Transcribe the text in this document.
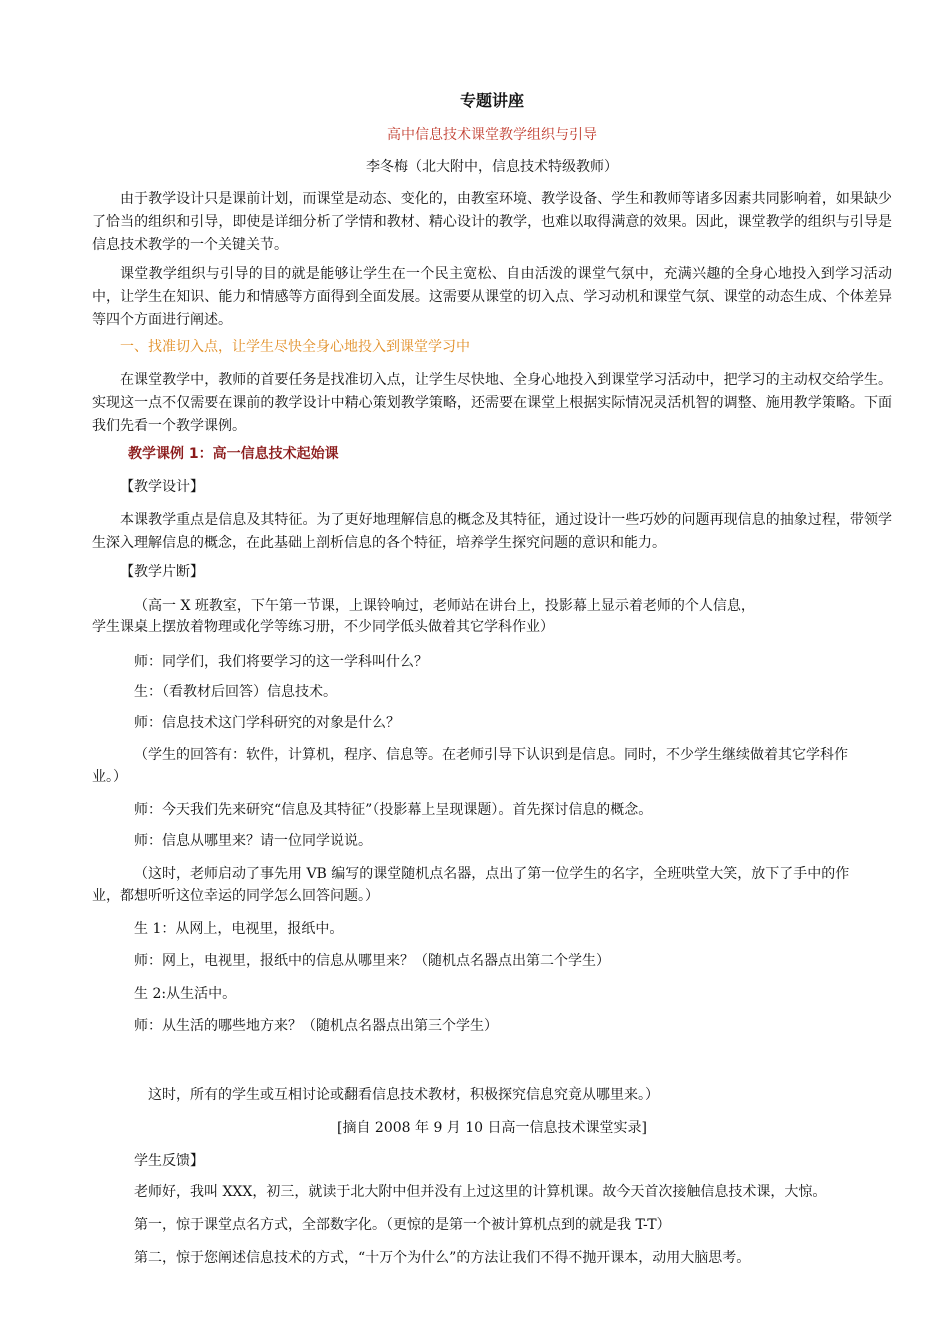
专题讲座
高中信息技术课堂教学组织与引导
李冬梅（北大附中，信息技术特级教师）
由于教学设计只是课前计划，而课堂是动态、变化的，由教室环境、教学设备、学生和教师等诸多因素共同影响着，如果缺少了恰当的组织和引导，即使是详细分析了学情和教材、精心设计的教学，也难以取得满意的效果。因此，课堂教学的组织与引导是信息技术教学的一个关键关节。
课堂教学组织与引导的目的就是能够让学生在一个民主宽松、自由活泼的课堂气氛中，充满兴趣的全身心地投入到学习活动中，让学生在知识、能力和情感等方面得到全面发展。这需要从课堂的切入点、学习动机和课堂气氛、课堂的动态生成、个体差异等四个方面进行阐述。
一、找准切入点，让学生尽快全身心地投入到课堂学习中
在课堂教学中，教师的首要任务是找准切入点，让学生尽快地、全身心地投入到课堂学习活动中，把学习的主动权交给学生。实现这一点不仅需要在课前的教学设计中精心策划教学策略，还需要在课堂上根据实际情况灵活机智的调整、施用教学策略。下面我们先看一个教学课例。
教学课例 1：高一信息技术起始课
【教学设计】
本课教学重点是信息及其特征。为了更好地理解信息的概念及其特征，通过设计一些巧妙的问题再现信息的抽象过程，带领学生深入理解信息的概念，在此基础上剖析信息的各个特征，培养学生探究问题的意识和能力。
【教学片断】
（高一 X 班教室，下午第一节课，上课铃响过，老师站在讲台上，投影幕上显示着老师的个人信息，
学生课桌上摆放着物理或化学等练习册，不少同学低头做着其它学科作业）
师：同学们，我们将要学习的这一学科叫什么？
生：（看教材后回答）信息技术。
师：信息技术这门学科研究的对象是什么？
（学生的回答有：软件，计算机，程序、信息等。在老师引导下认识到是信息。同时，不少学生继续做着其它学科作
业。）
师：今天我们先来研究“信息及其特征”（投影幕上呈现课题）。首先探讨信息的概念。
师：信息从哪里来？请一位同学说说。
（这时，老师启动了事先用 VB 编写的课堂随机点名器，点出了第一位学生的名字，全班哄堂大笑，放下了手中的作
业，都想听听这位幸运的同学怎么回答问题。）
生 1：从网上，电视里，报纸中。
师：网上，电视里，报纸中的信息从哪里来？（随机点名器点出第二个学生）
生 2:从生活中。
师：从生活的哪些地方来？（随机点名器点出第三个学生）
这时，所有的学生或互相讨论或翻看信息技术教材，积极探究信息究竟从哪里来。）
[摘自 2008 年 9 月 10 日高一信息技术课堂实录]
学生反馈】
老师好，我叫 XXX，初三，就读于北大附中但并没有上过这里的计算机课。故今天首次接触信息技术课，大惊。
第一，惊于课堂点名方式，全部数字化。（更惊的是第一个被计算机点到的就是我 T-T）
第二，惊于您阐述信息技术的方式，“十万个为什么”的方法让我们不得不抛开课本，动用大脑思考。
